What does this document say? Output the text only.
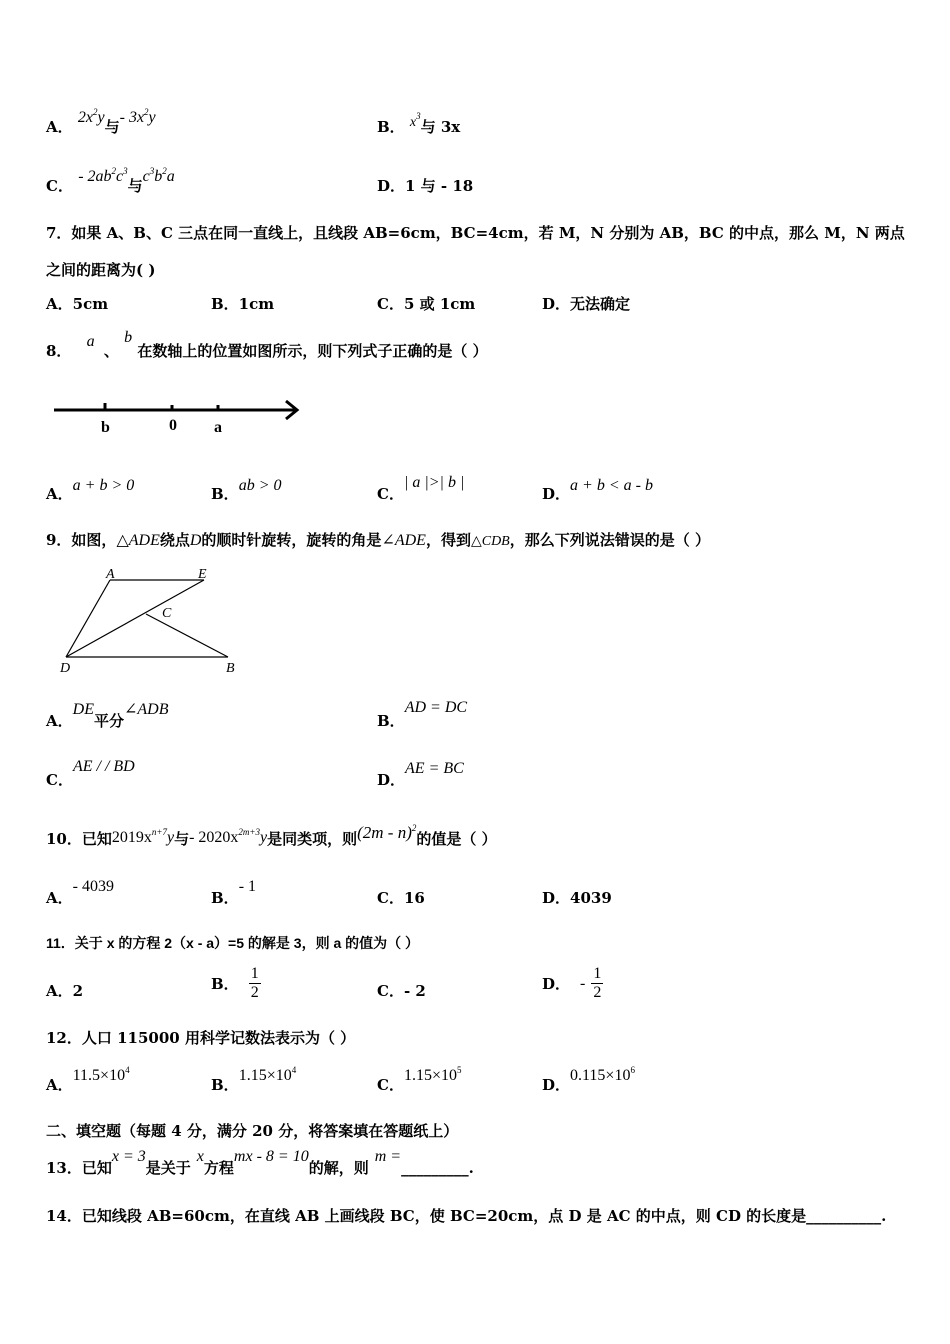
A． $2x^2y$与- $3x^2y$
B． $x^3$与 3x
C． - $2ab^2c^3$与$c^3b^2a$
D．1 与 - 18
7．如果 A、B、C 三点在同一直线上，且线段 AB=6cm，BC=4cm，若 M，N 分别为 AB，BC 的中点，那么 M，N 两点
之间的距离为( )
A．5cm	B．1cm	C．5 或 1cm	D．无法确定
8． a 、 b 在数轴上的位置如图所示，则下列式子正确的是（ ）
b	0 a
A．a + b > 0	B．ab > 0	C．| a |>| b |
D．a + b < a - b
9．如图，△ADE绕点D的顺时针旋转，旋转的角是∠ADE，得到△CDB，那么下列说法错误的是（ ）
A	E
C
D	B
A．DE平分∠ADB
B．AD = DC
C．AE / / BD
D．AE = BC
10．已知$2019x^{n+7}y$与- $2020x^{2m+3}y$是同类项，则(2m - n)$^2$的值是（ ）
A．- 4039
B．- 1
C．16	D．4039
11．关于 x 的方程 2（x - a）=5 的解是 3，则 a 的值为（ ）
A．2	B． $\frac{1}{2}$	C．- 2	D． - $\frac{1}{2}$
12．人口 115000 用科学记数法表示为（ ）
A．$11.5\times 10^4$
B．$1.15\times 10^4$
C．$1.15\times 10^5$
D．$0.115\times 10^6$
二、填空题（每题 4 分，满分 20 分，将答案填在答题纸上）
13．已知x = 3是关于x方程mx - 8 = 10的解，则m =_________.
14．已知线段 AB=60cm，在直线 AB 上画线段 BC，使 BC=20cm，点 D 是 AC 的中点，则 CD 的长度是__________.
